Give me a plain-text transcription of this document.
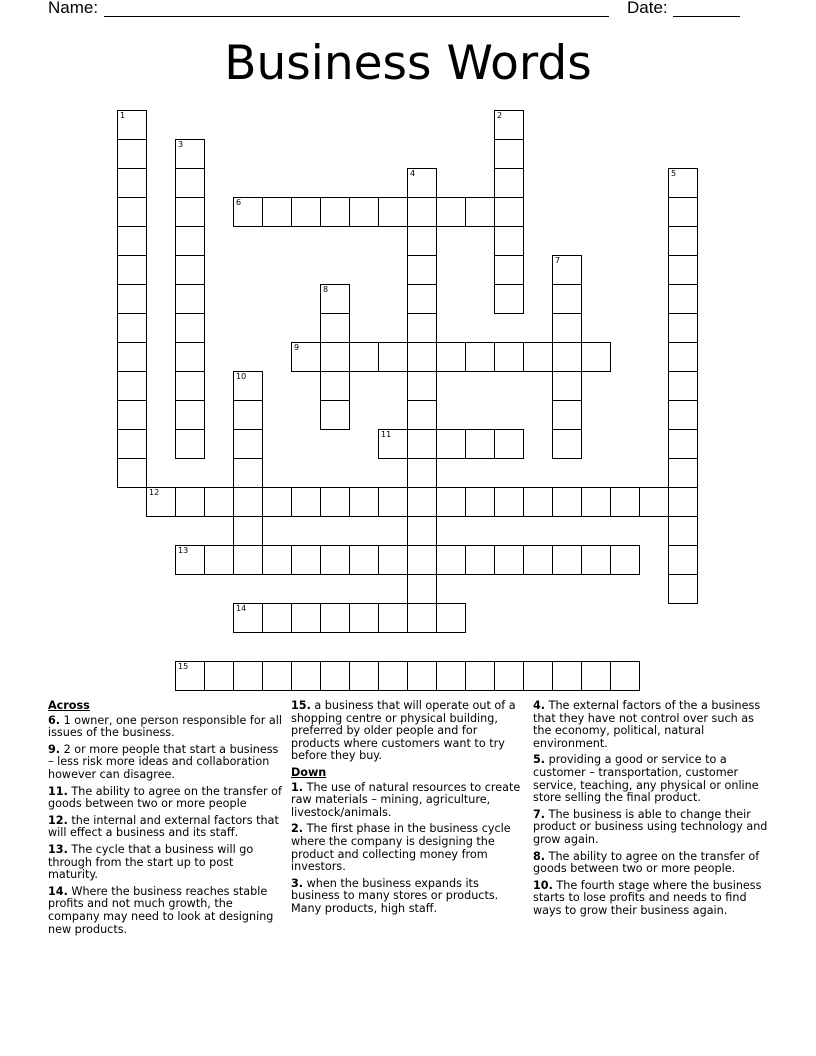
Name:	Date:
Business Words
6
9
11
12
13
14
15
1	2
3
4	5
7
8
10
Across
6. 1 owner, one person responsible for all issues of the business.
9. 2 or more people that start a business – less risk more ideas and collaboration however can disagree.
11. The ability to agree on the transfer of goods between two or more people
12. the internal and external factors that will effect a business and its staff.
13. The cycle that a business will go through from the start up to post maturity.
14. Where the business reaches stable profits and not much growth, the company may need to look at designing new products.
15. a business that will operate out of a shopping centre or physical building, preferred by older people and for products where customers want to try before they buy.
Down
1. The use of natural resources to create raw materials – mining, agriculture, livestock/animals.
2. The first phase in the business cycle where the company is designing the product and collecting money from investors.
3. when the business expands its business to many stores or products. Many products, high staff.
4. The external factors of the a business that they have not control over such as the economy, political, natural environment.
5. providing a good or service to a customer – transportation, customer service, teaching, any physical or online store selling the final product.
7. The business is able to change their product or business using technology and grow again.
8. The ability to agree on the transfer of goods between two or more people.
10. The fourth stage where the business starts to lose profits and needs to find ways to grow their business again.
